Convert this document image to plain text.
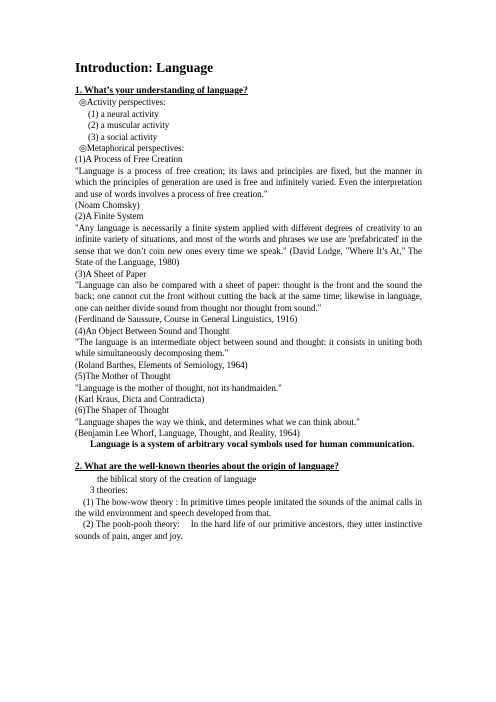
Introduction: Language
1. What’s your understanding of language?
◎Activity perspectives:
(1) a neural activity
(2) a muscular activity
(3) a social activity
◎Metaphorical perspectives:
(1)A Process of Free Creation
"Language is a process of free creation; its laws and principles are fixed, but the manner in which the principles of generation are used is free and infinitely varied. Even the interpretation and use of words involves a process of free creation."
(Noam Chomsky)
(2)A Finite System
"Any language is necessarily a finite system applied with different degrees of creativity to an infinite variety of situations, and most of the words and phrases we use are 'prefabricated' in the sense that we don’t coin new ones every time we speak." (David Lodge, "Where It’s At," The State of the Language, 1980)
(3)A Sheet of Paper
"Language can also be compared with a sheet of paper: thought is the front and the sound the back; one cannot cut the front without cutting the back at the same time; likewise in language, one can neither divide sound from thought nor thought from sound."
(Ferdinand de Saussure, Course in General Linguistics, 1916)
(4)An Object Between Sound and Thought
"The language is an intermediate object between sound and thought: it consists in uniting both while simultaneously decomposing them."
(Roland Barthes, Elements of Semiology, 1964)
(5)The Mother of Thought
"Language is the mother of thought, not its handmaiden."
(Karl Kraus, Dicta and Contradicta)
(6)The Shaper of Thought
"Language shapes the way we think, and determines what we can think about."
(Benjamin Lee Whorf, Language, Thought, and Reality, 1964)
Language is a system of arbitrary vocal symbols used for human communication.
2. What are the well-known theories about the origin of language?
the biblical story of the creation of language
3 theories:
(1) The bow-wow theory : In primitive times people imitated the sounds of the animal calls in the wild environment and speech developed from that.
(2) The pooh-pooh theory:    In the hard life of our primitive ancestors, they utter instinctive sounds of pain, anger and joy.
